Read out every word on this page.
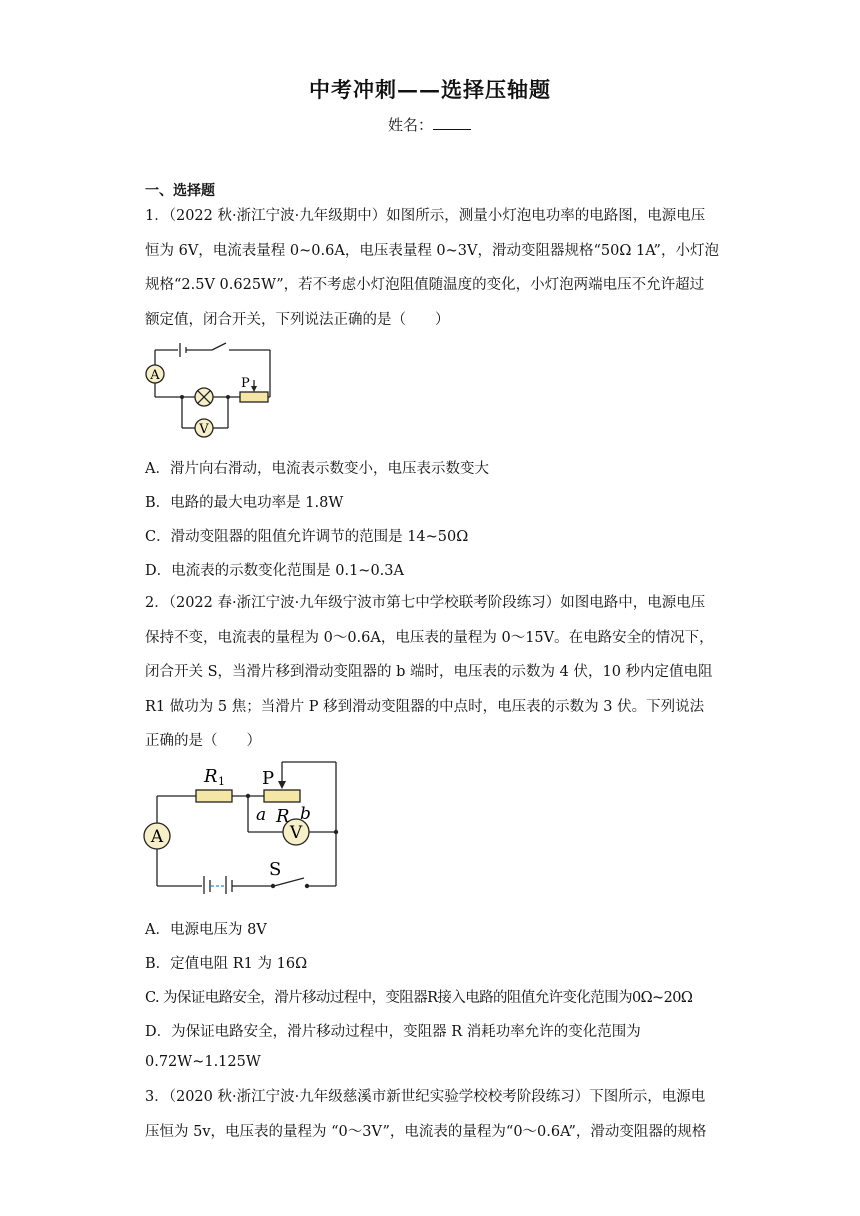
中考冲刺——选择压轴题
姓名：
一、选择题

1．（2022 秋·浙江宁波·九年级期中）如图所示，测量小灯泡电功率的电路图，电源电压

恒为 6V，电流表量程 0~0.6A，电压表量程 0~3V，滑动变阻器规格“50Ω 1A”，小灯泡

规格“2.5V 0.625W”，若不考虑小灯泡阻值随温度的变化，小灯泡两端电压不允许超过

额定值，闭合开关，下列说法正确的是（　　）

A
V
P
A．滑片向右滑动，电流表示数变小，电压表示数变大
B．电路的最大电功率是 1.8W
C．滑动变阻器的阻值允许调节的范围是 14~50Ω
D．电流表的示数变化范围是 0.1~0.3A

2．（2022 春·浙江宁波·九年级宁波市第七中学校联考阶段练习）如图电路中，电源电压

保持不变，电流表的量程为 0～0.6A，电压表的量程为 0～15V。在电路安全的情况下，

闭合开关 S，当滑片移到滑动变阻器的 b 端时，电压表的示数为 4 伏，10 秒内定值电阻

R1 做功为 5 焦；当滑片 P 移到滑动变阻器的中点时，电压表的示数为 3 伏。下列说法

正确的是（　　）

R 1 P
a R b
A	V
S
A．电源电压为 8V
B．定值电阻 R1 为 16Ω
C. 为保证电路安全，滑片移动过程中，变阻器R接入电路的阻值允许变化范围为0Ω~20Ω
D．为保证电路安全，滑片移动过程中，变阻器 R 消耗功率允许的变化范围为
0.72W~1.125W

3．（2020 秋·浙江宁波·九年级慈溪市新世纪实验学校校考阶段练习）下图所示，电源电

压恒为 5v，电压表的量程为 “0～3V”，电流表的量程为“0～0.6A”，滑动变阻器的规格
